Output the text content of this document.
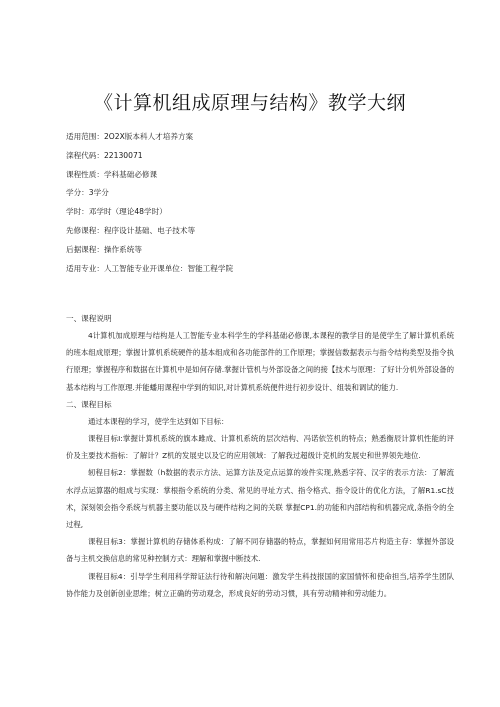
《计算机组成原理与结构》教学大纲
适用范围：2O2X版本科人才培养方案
滦程代码：22130071
课程性质：学科基础必修课
学分：3学分
学时：邓学时（理论48学时）
先修课程：程序设计基础、电子技术等
后据课程：操作系统等
适用专业：人工智能专业开课单位：智能工程学院
一、课程说明

4计算机加成原理与结构是人工智能专业本科学生的学科基础必修课,本课程的教学目的是使学生了解计算机系统的班本组成原理；掌握计算机系统硬件的基本组成和各功能部件的工作原理；掌握信数据表示与指令结构类型及指令执行原理；掌握程序和数据在计算机中是如何存储.掌握计管机与外部设备之间的接【技术与原理：了好计分机外部设备的基本结构与工作原理.并能蟠用课程中学到的知识,对计算机系统便件进行初步设计、组装和调试的能力.

二、课程目标

通过本课程的学习，使学生达到如下目标：

课程目标I:掌握计算机系统的旗本雎成、计算机系统的层次结构、冯诺依笠机的特点；熟悉衡辰计算机性能的评价及主要技术指标：了解计？Z机的发展史以及它的应用领域：了解我过超级计克机的发展史和世界领先地位.

轫程目标2：掌握数（h数据的表示方法、运算方法及定点运算的竣件实现,熟悉字符、汉字的表示方法：了解流水浮点运算器的组成与实现：掌根指令系统的分类、常见的寻址方式、指令格式、指令设计的优化方法，了解R1.sC技术，深刻领会指令系统与机器主要功能以及与硬件结构之间的关联 掌握CP1.的功能和内部结构和机器完成,条指令的全过程,

课程目标3：掌握计算机的存储体系构成：了解不同存储器的特点，掌握如何用常用芯片构造主存：掌握外部设备与主机交换信息的常见种控制方式：理解和掌握中断技术.

课程目标4：引导学生利用科学辩证法行待和解决问題：激发学生科技报国的家国情怀和使命担当,培养学生团队协作能力及创新创业思维；树立正确的劳动观念，形成良好的劳动习惯，具有劳动精神和劳动能力。
